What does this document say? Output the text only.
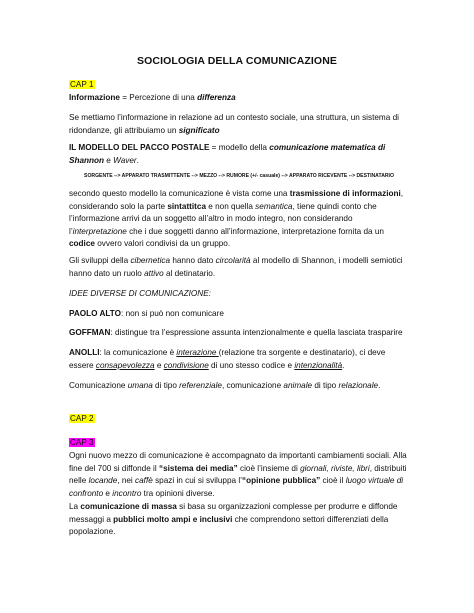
SOCIOLOGIA DELLA COMUNICAZIONE

CAP 1

Informazione = Percezione di una differenza

Se mettiamo l’informazione in relazione ad un contesto sociale, una struttura, un sistema di ridondanze, gli attribuiamo un significato

IL MODELLO DEL PACCO POSTALE = modello della comunicazione matematica di Shannon e Waver.

SORGENTE --> APPARATO TRASMITTENTE --> MEZZO --> RUMORE (+/- casuale) --> APPARATO RICEVENTE --> DESTINATARIO

secondo questo modello la comunicazione è vista come una trasmissione di informazioni, considerando solo la parte sintattitca e non quella semantica, tiene quindi conto che l’informazione arrivi da un soggetto all’altro in modo integro, non considerando l’interpretazione che i due soggetti danno all’informazione, interpretazione fornita da un codice ovvero valori condivisi da un gruppo.

Gli sviluppi della cibernetica hanno dato circolarità al modello di Shannon, i modelli semiotici hanno dato un ruolo attivo al detinatario.

IDEE DIVERSE DI COMUNICAZIONE:

PAOLO ALTO: non si può non comunicare

GOFFMAN: distingue tra l’espressione assunta intenzionalmente e quella lasciata trasparire

ANOLLI: la comunicazione è interazione (relazione tra sorgente e destinatario), ci deve essere consapevolezza e condivisione di uno stesso codice e intenzionalità.

Comunicazione umana di tipo referenziale, comunicazione animale di tipo relazionale.

CAP 2

CAP 3

Ogni nuovo mezzo di comunicazione è accompagnato da importanti cambiamenti sociali. Alla fine del 700 si diffonde il “sistema dei media” cioè l’insieme di giornali, riviste, libri, distribuiti nelle locande, nei caffè spazi in cui si sviluppa l’“opinione pubblica” cioè il luogo virtuale di confronto e incontro tra opinioni diverse.

La comunicazione di massa si basa su organizzazioni complesse per produrre e diffonde messaggi a pubblici molto ampi e inclusivi che comprendono settori differenziati della popolazione.
